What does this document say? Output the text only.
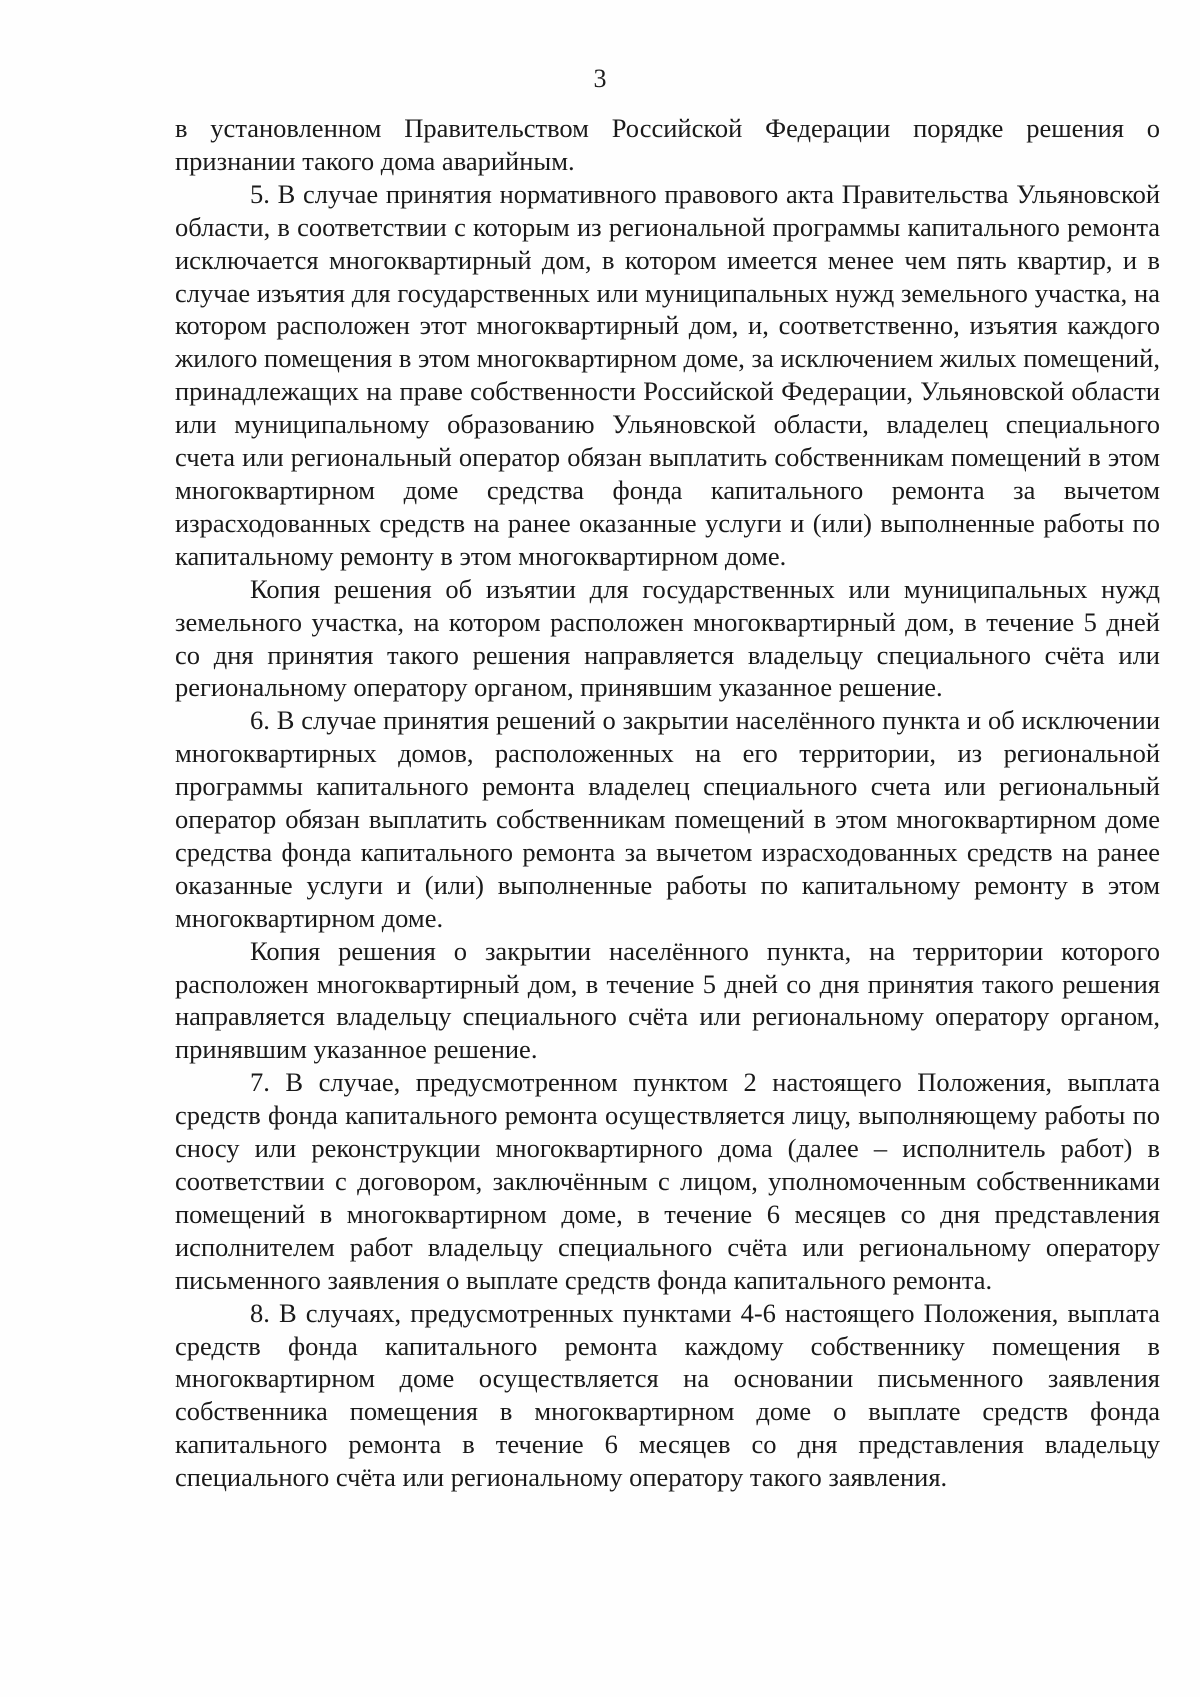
3

в установленном Правительством Российской Федерации порядке решения о признании такого дома аварийным.

5. В случае принятия нормативного правового акта Правительства Ульяновской области, в соответствии с которым из региональной программы капитального ремонта исключается многоквартирный дом, в котором имеется менее чем пять квартир, и в случае изъятия для государственных или муниципальных нужд земельного участка, на котором расположен этот многоквартирный дом, и, соответственно, изъятия каждого жилого помещения в этом многоквартирном доме, за исключением жилых помещений, принадлежащих на праве собственности Российской Федерации, Ульяновской области или муниципальному образованию Ульяновской области, владелец специального счета или региональный оператор обязан выплатить собственникам помещений в этом многоквартирном доме средства фонда капитального ремонта за вычетом израсходованных средств на ранее оказанные услуги и (или) выполненные работы по капитальному ремонту в этом многоквартирном доме.

Копия решения об изъятии для государственных или муниципальных нужд земельного участка, на котором расположен многоквартирный дом, в течение 5 дней со дня принятия такого решения направляется владельцу специального счёта или региональному оператору органом, принявшим указанное решение.

6. В случае принятия решений о закрытии населённого пункта и об исключении многоквартирных домов, расположенных на его территории, из региональной программы капитального ремонта владелец специального счета или региональный оператор обязан выплатить собственникам помещений в этом многоквартирном доме средства фонда капитального ремонта за вычетом израсходованных средств на ранее оказанные услуги и (или) выполненные работы по капитальному ремонту в этом многоквартирном доме.

Копия решения о закрытии населённого пункта, на территории которого расположен многоквартирный дом, в течение 5 дней со дня принятия такого решения направляется владельцу специального счёта или региональному оператору органом, принявшим указанное решение.

7. В случае, предусмотренном пунктом 2 настоящего Положения, выплата средств фонда капитального ремонта осуществляется лицу, выполняющему работы по сносу или реконструкции многоквартирного дома (далее – исполнитель работ) в соответствии с договором, заключённым с лицом, уполномоченным собственниками помещений в многоквартирном доме, в течение 6 месяцев со дня представления исполнителем работ владельцу специального счёта или региональному оператору письменного заявления о выплате средств фонда капитального ремонта.

8. В случаях, предусмотренных пунктами 4-6 настоящего Положения, выплата средств фонда капитального ремонта каждому собственнику помещения в многоквартирном доме осуществляется на основании письменного заявления собственника помещения в многоквартирном доме о выплате средств фонда капитального ремонта в течение 6 месяцев со дня представления владельцу специального счёта или региональному оператору такого заявления.
